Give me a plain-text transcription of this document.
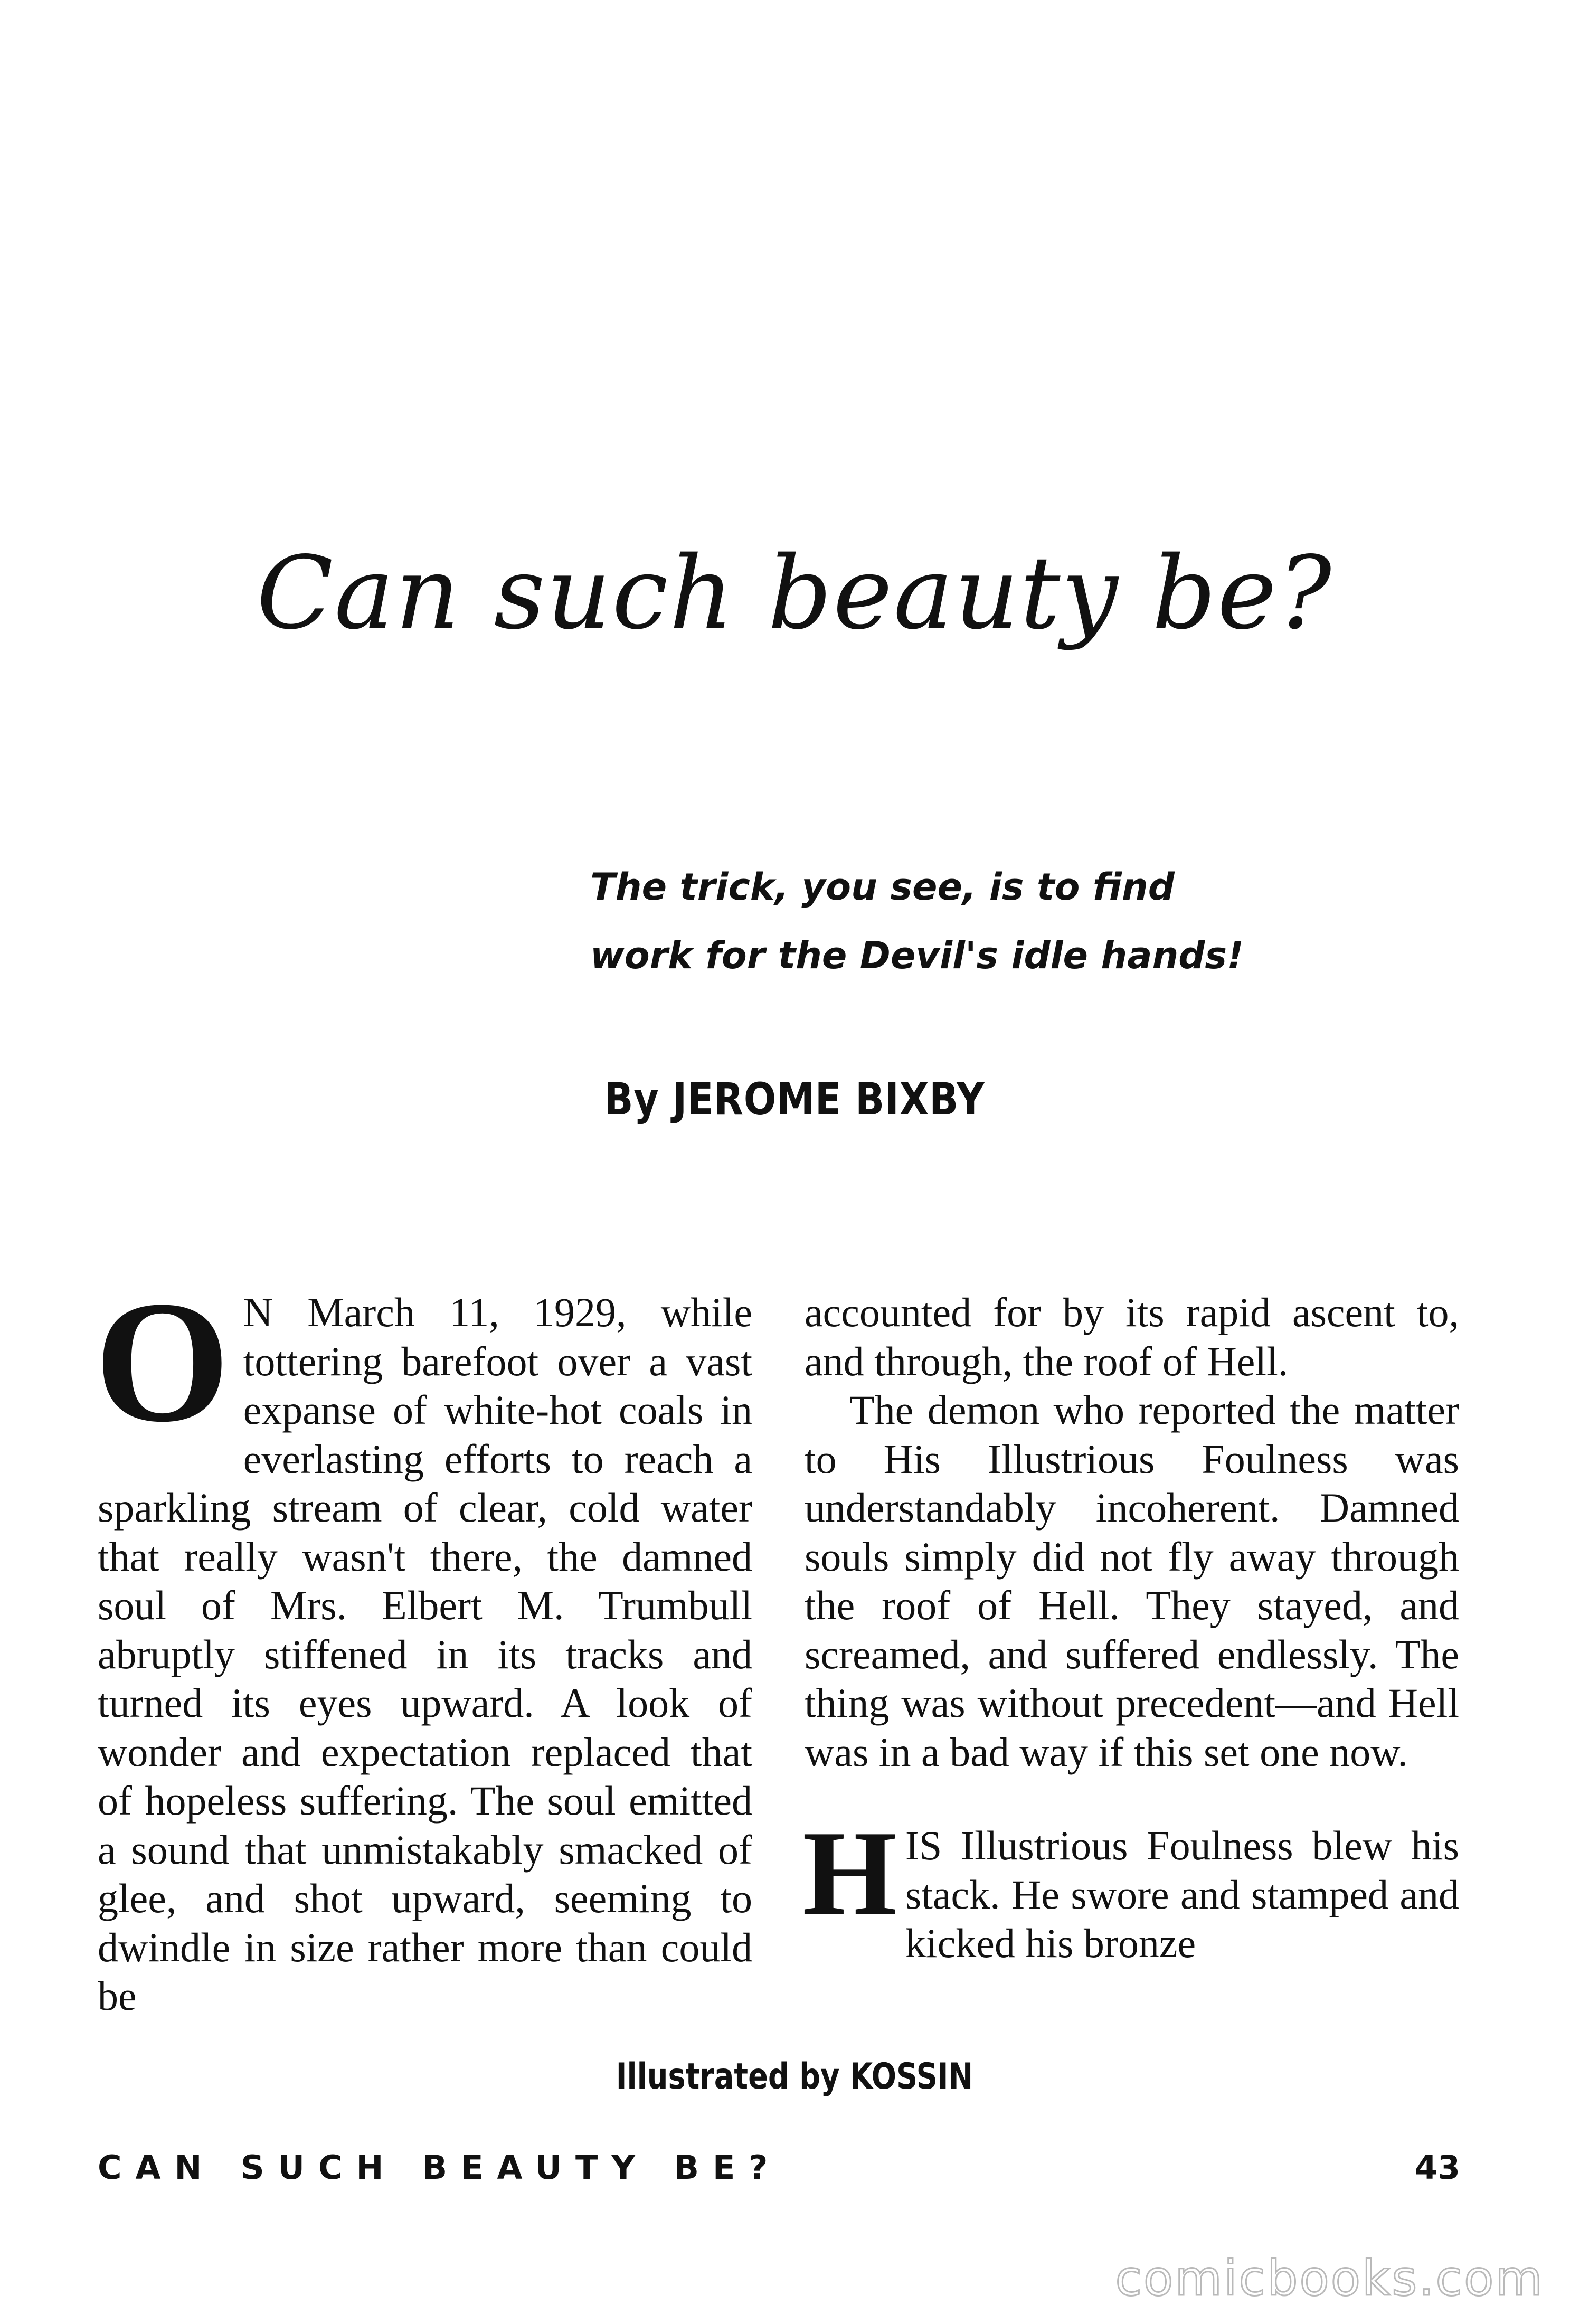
Can such beauty be?
The trick, you see, is to find
work for the Devil's idle hands!
By JEROME BIXBY

O N March 11, 1929, while tottering barefoot over a vast expanse of white-hot coals in everlasting efforts to reach a sparkling stream of clear, cold water that really wasn't there, the damned soul of Mrs. Elbert M. Trumbull abruptly stiffened in its tracks and turned its eyes upward. A look of wonder and expectation replaced that of hopeless suffering. The soul emitted a sound that unmistakably smacked of glee, and shot upward, seeming to dwindle in size rather more than could be

accounted for by its rapid ascent to, and through, the roof of Hell.

The demon who reported the matter to His Illustrious Foulness was understandably incoherent. Damned souls simply did not fly away through the roof of Hell. They stayed, and screamed, and suffered endlessly. The thing was without precedent—and Hell was in a bad way if this set one now.

HIS Illustrious Foulness blew his stack. He swore and stamped and kicked his bronze

Illustrated by KOSSIN
CAN SUCH BEAUTY BE?	43
comicbooks.com
